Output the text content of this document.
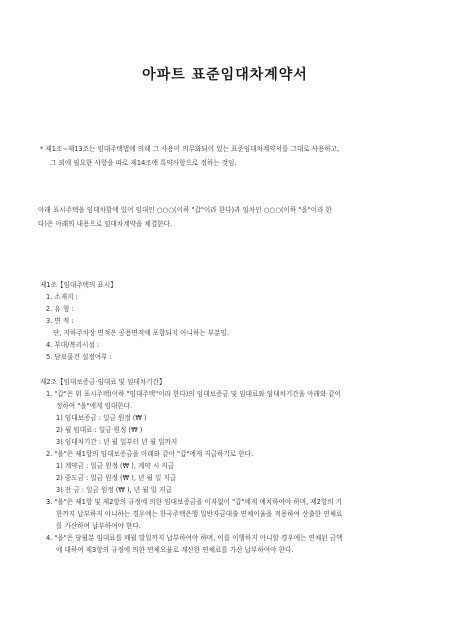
아파트 표준임대차계약서
* 제1조∼제13조는 임대주택법에 의해 그 사용이 의무화되어 있는 표준임대차계약서를 그대로 사용하고,
그 외에 필요한 사항을 따로 제14조에 특약사항으로 정하는 것임.
아래 표시주택을 임대차함에 있어 임대인 ○○○(이하 "갑"이라 한다)과 임차인 ○○○(이하 "을"이라 한
다)은 아래의 내용으로 임대차계약을 체결한다.
제1조【임대주택의 표시】
1. 소재지 :
2. 유 형 :
3. 면 적 :
단, 지하주차장 면적은 공용면적에 포함되지 아니하는 부분임.
4. 부대/복리시설 :
5. 담보물건 설정여부 :
제2조【임대보증금·임대료 및 임대차기간】
1. "갑"은 위 표시주택(이하 "임대주택"이라 한다)의 임대보증금 및 임대료와 임대차기간을 아래와 같이
정하여 "을"에게 임대한다.
1) 임대보증금 : 일금 원정 (₩ )
2) 월 임대료 : 일금 원정 (₩ )
3) 임대차기간 : 년 월 일부터 년 월 일까지
2. "을"은 제1항의 임대보증금을 아래와 같이 "갑"에게 지급하기로 한다.
1) 계약금 : 일금 원정 (₩ ), 계약 시 지급
2) 중도금 : 일금 원정 (₩ ), 년 월 일 지급
3) 잔 금 : 일금 원정 (₩ ), 년 월 일 지급
3. "을"은 제1항 및 제2항의 규정에 의한 임대보증금을 이자없이 "갑"에게 예치하여야 하며, 제2항의 기
한까지 납부하지 아니하는 경우에는 한국주택은행 일반자금대출 연체이율을 적용하여 산출한 연체료
를 가산하여 납부하여야 한다.
4. "을"은 당월분 임대료를 매월 말일까지 납부하여야 하며, 이를 이행하지 아니할 경우에는 연체된 금액
에 대하여 제3항의 규정에 의한 연체요율로 계산한 연체료를 가산 납부하여야 한다.
